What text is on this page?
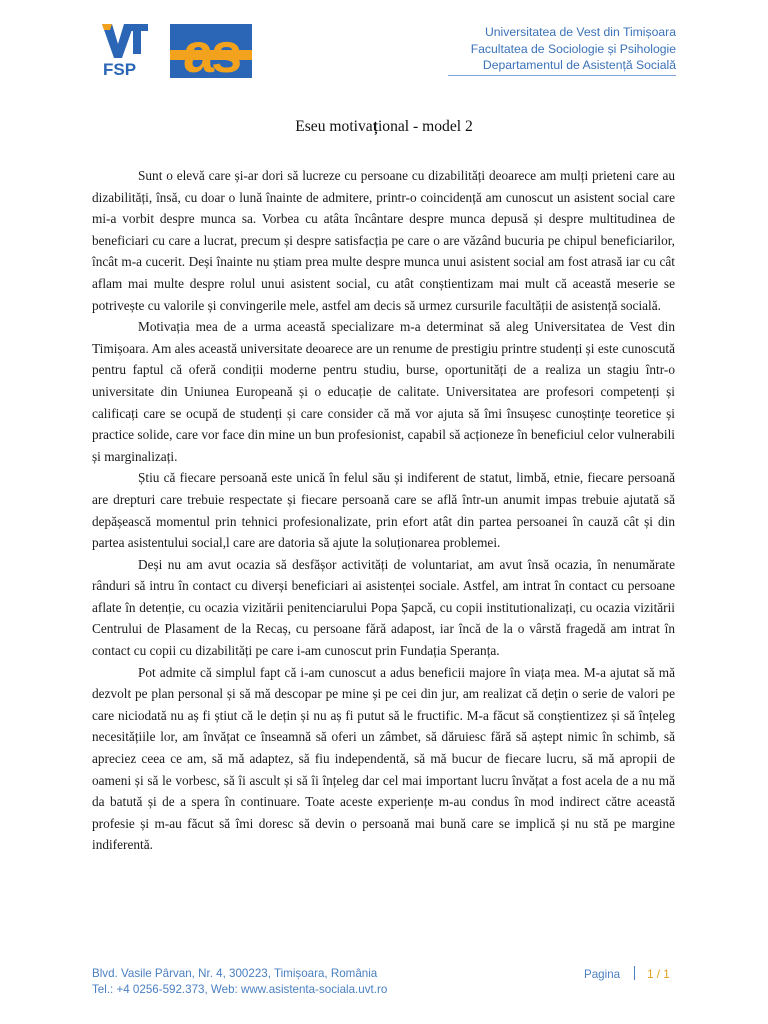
FSP as	Universitatea de Vest din Timișoara
Facultatea de Sociologie și Psihologie
Departamentul de Asistență Socială
Eseu motivațional - model 2

Sunt o elevă care și-ar dori să lucreze cu persoane cu dizabilități deoarece am mulți prieteni care au dizabilități, însă, cu doar o lună înainte de admitere, printr-o coincidență am cunoscut un asistent social care mi-a vorbit despre munca sa. Vorbea cu atâta încântare despre munca depusă și despre multitudinea de beneficiari cu care a lucrat, precum și despre satisfacția pe care o are văzând bucuria pe chipul beneficiarilor, încât m-a cucerit. Deși înainte nu știam prea multe despre munca unui asistent social am fost atrasă iar cu cât aflam mai multe despre rolul unui asistent social, cu atât conștientizam mai mult că această meserie se potrivește cu valorile și convingerile mele, astfel am decis să urmez cursurile facultății de asistență socială.

Motivația mea de a urma această specializare m-a determinat să aleg Universitatea de Vest din Timișoara. Am ales această universitate deoarece are un renume de prestigiu printre studenți și este cunoscută pentru faptul că oferă condiții moderne pentru studiu, burse, oportunități de a realiza un stagiu într-o universitate din Uniunea Europeană și o educație de calitate. Universitatea are profesori competenți și calificați care se ocupă de studenți și care consider că mă vor ajuta să îmi însușesc cunoștințe teoretice și practice solide, care vor face din mine un bun profesionist, capabil să acționeze în beneficiul celor vulnerabili și marginalizați.

Știu că fiecare persoană este unică în felul său și indiferent de statut, limbă, etnie, fiecare persoană are drepturi care trebuie respectate și fiecare persoană care se află într-un anumit impas trebuie ajutată să depășească momentul prin tehnici profesionalizate, prin efort atât din partea persoanei în cauză cât și din partea asistentului social,l care are datoria să ajute la soluționarea problemei.

Deși nu am avut ocazia să desfășor activități de voluntariat, am avut însă ocazia, în nenumărate rânduri să intru în contact cu diverși beneficiari ai asistenței sociale. Astfel, am intrat în contact cu persoane aflate în detenție, cu ocazia vizitării penitenciarului Popa Șapcă, cu copii institutionalizați, cu ocazia vizitării Centrului de Plasament de la Recaș, cu persoane fără adapost, iar încă de la o vârstă fragedă am intrat în contact cu copii cu dizabilități pe care i-am cunoscut prin Fundația Speranța.

Pot admite că simplul fapt că i-am cunoscut a adus beneficii majore în viața mea. M-a ajutat să mă dezvolt pe plan personal și să mă descopar pe mine și pe cei din jur, am realizat că dețin o serie de valori pe care niciodată nu aș fi știut că le dețin și nu aș fi putut să le fructific. M-a făcut să conștientizez și să înțeleg necesitățiile lor, am învățat ce înseamnă să oferi un zâmbet, să dăruiesc fără să aștept nimic în schimb, să apreciez ceea ce am, să mă adaptez, să fiu independentă, să mă bucur de fiecare lucru, să mă apropii de oameni și să le vorbesc, să îi ascult și să îi înțeleg dar cel mai important lucru învățat a fost acela de a nu mă da batută și de a spera în continuare. Toate aceste experiențe m-au condus în mod indirect către această profesie și m-au făcut să îmi doresc să devin o persoană mai bună care se implică și nu stă pe margine indiferentă.

Blvd. Vasile Pârvan, Nr. 4, 300223, Timișoara, România
Tel.: +4 0256-592.373, Web: www.asistenta-sociala.uvt.ro
Pagina 1 / 1
